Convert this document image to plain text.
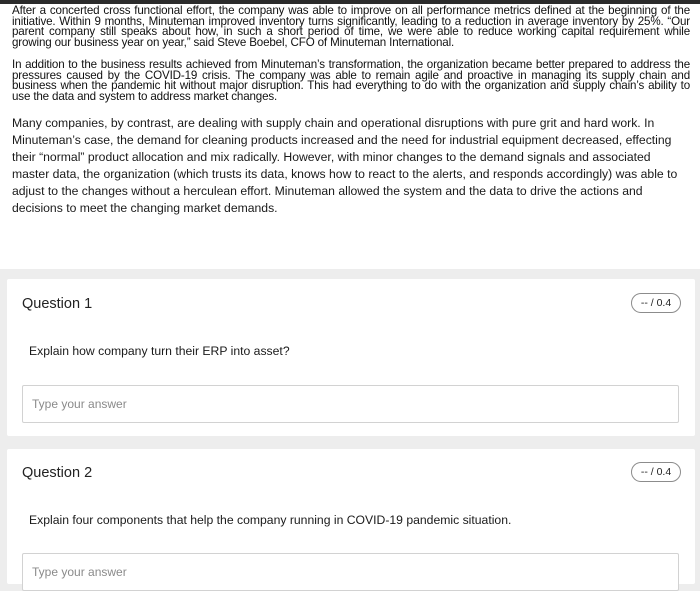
After a concerted cross functional effort, the company was able to improve on all performance metrics defined at the beginning of the initiative. Within 9 months, Minuteman improved inventory turns significantly, leading to a reduction in average inventory by 25%. “Our parent company still speaks about how, in such a short period of time, we were able to reduce working capital requirement while growing our business year on year,” said Steve Boebel, CFO of Minuteman International.

In addition to the business results achieved from Minuteman’s transformation, the organization became better prepared to address the pressures caused by the COVID-19 crisis. The company was able to remain agile and proactive in managing its supply chain and business when the pandemic hit without major disruption. This had everything to do with the organization and supply chain’s ability to use the data and system to address market changes.

Many companies, by contrast, are dealing with supply chain and operational disruptions with pure grit and hard work. In Minuteman’s case, the demand for cleaning products increased and the need for industrial equipment decreased, effecting their “normal” product allocation and mix radically. However, with minor changes to the demand signals and associated master data, the organization (which trusts its data, knows how to react to the alerts, and responds accordingly) was able to adjust to the changes without a herculean effort. Minuteman allowed the system and the data to drive the actions and decisions to meet the changing market demands.

Question 1	-- / 0.4
Explain how company turn their ERP into asset?
Type your answer
Question 2	-- / 0.4
Explain four components that help the company running in COVID-19 pandemic situation.
Type your answer
